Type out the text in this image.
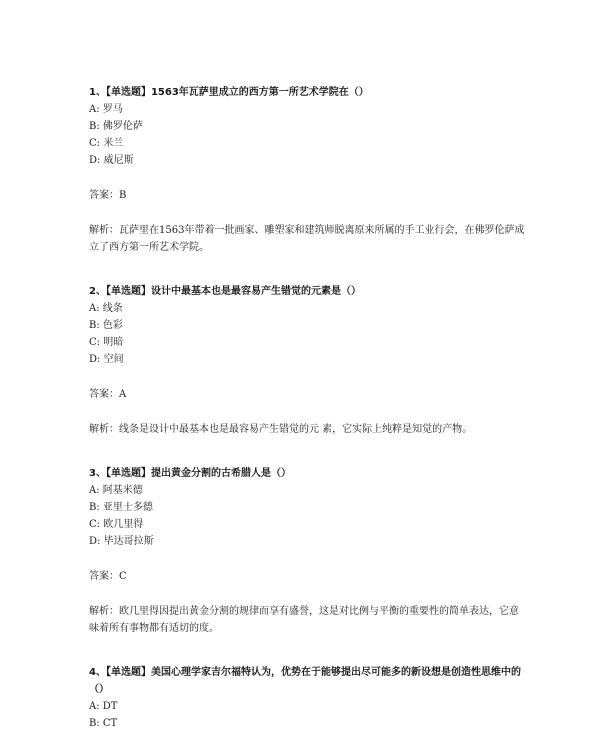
1、【单选题】1563年瓦萨里成立的西方第一所艺术学院在（）

A: 罗马

B: 佛罗伦萨

C: 米兰

D: 威尼斯

答案：B

解析：瓦萨里在1563年带着一批画家、雕塑家和建筑师脱离原来所属的手工业行会，在佛罗伦萨成立了西方第一所艺术学院。

2、【单选题】设计中最基本也是最容易产生错觉的元素是（）

A: 线条

B: 色彩

C: 明暗

D: 空间

答案：A

解析：线条是设计中最基本也是最容易产生错觉的元 素，它实际上纯粹是知觉的产物。

3、【单选题】提出黄金分割的古希腊人是（）

A: 阿基米德

B: 亚里士多德

C: 欧几里得

D: 毕达哥拉斯

答案：C

解析：欧几里得因提出黄金分割的规律而享有盛誉，这是对比例与平衡的重要性的简单表达，它意味着所有事物都有适切的度。

4、【单选题】美国心理学家吉尔福特认为，优势在于能够提出尽可能多的新设想是创造性思维中的（）

A: DT

B: CT
